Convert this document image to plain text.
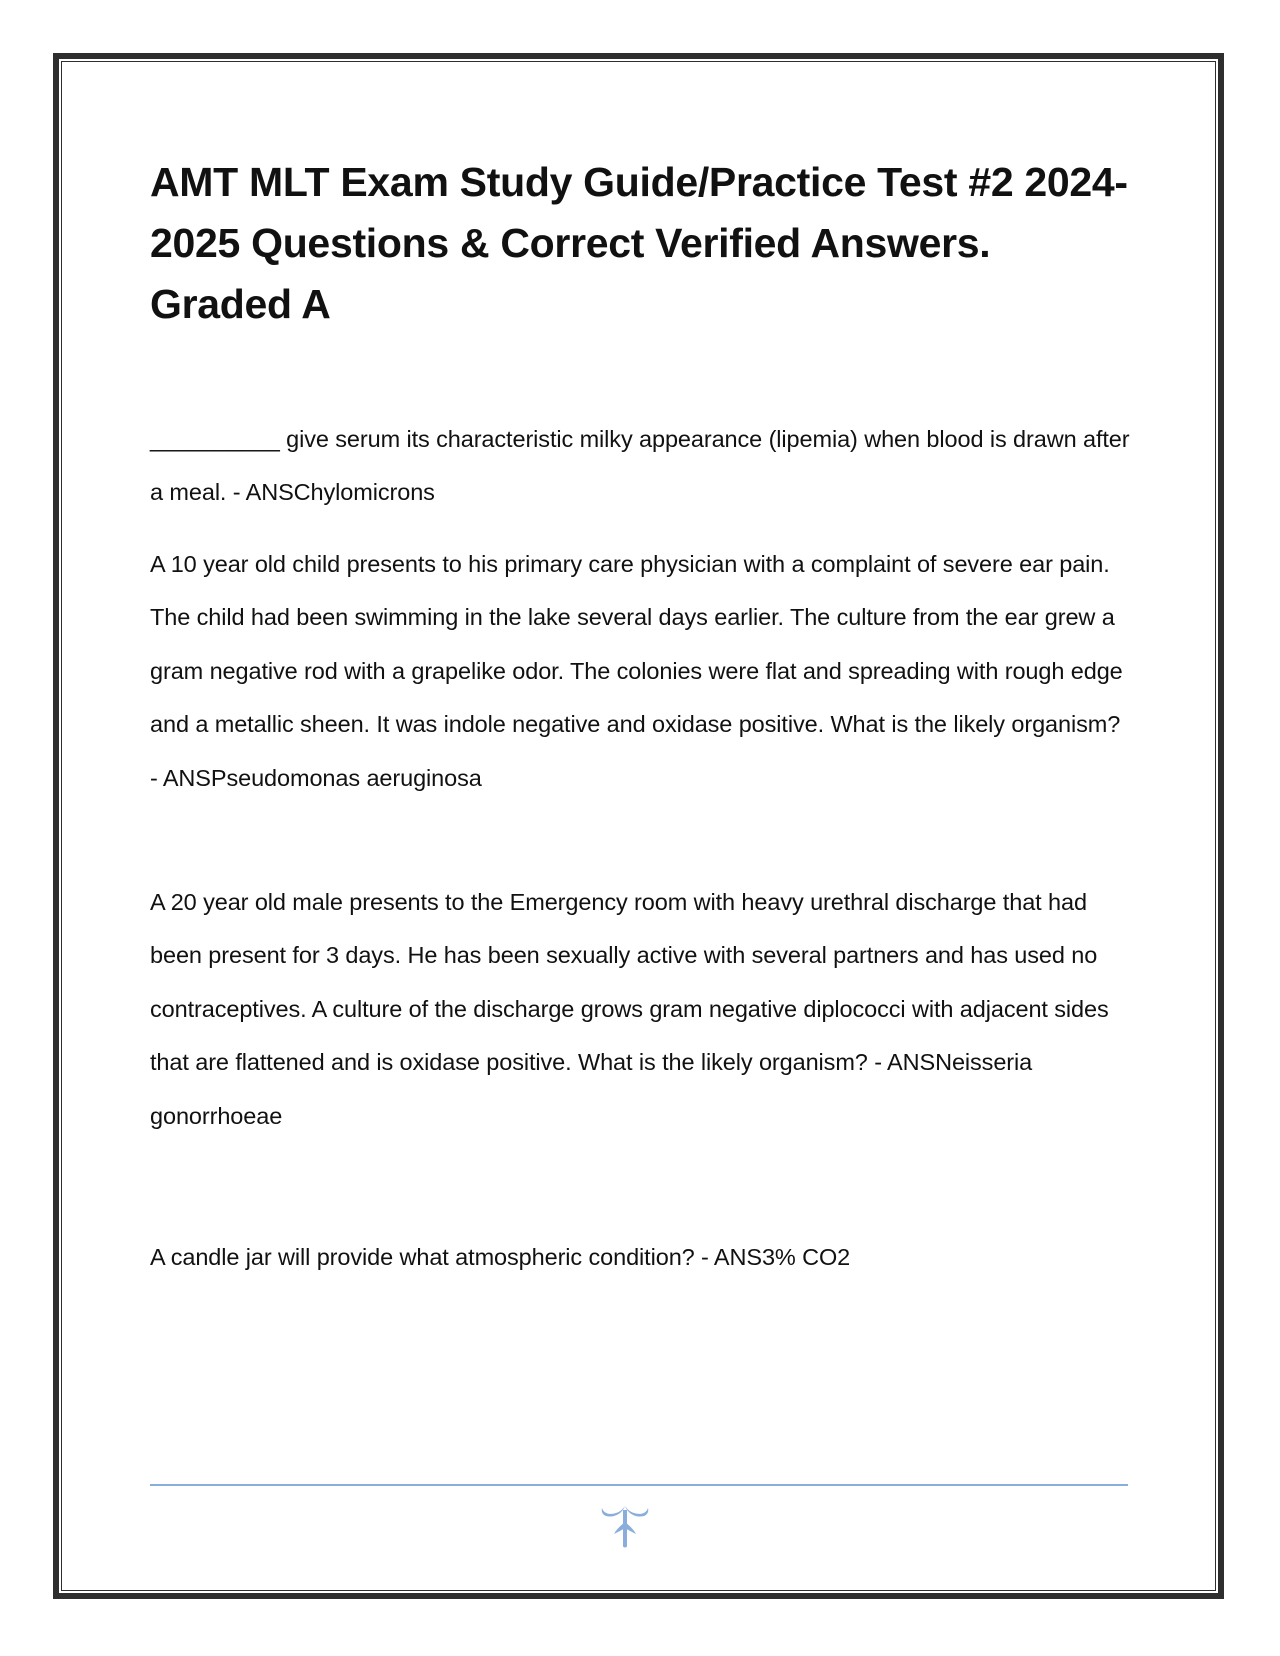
AMT MLT Exam Study Guide/Practice Test #2 2024-2025 Questions & Correct Verified Answers. Graded A

__________ give serum its characteristic milky appearance (lipemia) when blood is drawn after a meal. - ANSChylomicrons

A 10 year old child presents to his primary care physician with a complaint of severe ear pain. The child had been swimming in the lake several days earlier. The culture from the ear grew a gram negative rod with a grapelike odor. The colonies were flat and spreading with rough edge and a metallic sheen. It was indole negative and oxidase positive. What is the likely organism? - ANSPseudomonas aeruginosa

A 20 year old male presents to the Emergency room with heavy urethral discharge that had been present for 3 days. He has been sexually active with several partners and has used no contraceptives. A culture of the discharge grows gram negative diplococci with adjacent sides that are flattened and is oxidase positive. What is the likely organism? - ANSNeisseria gonorrhoeae

A candle jar will provide what atmospheric condition? - ANS3% CO2
